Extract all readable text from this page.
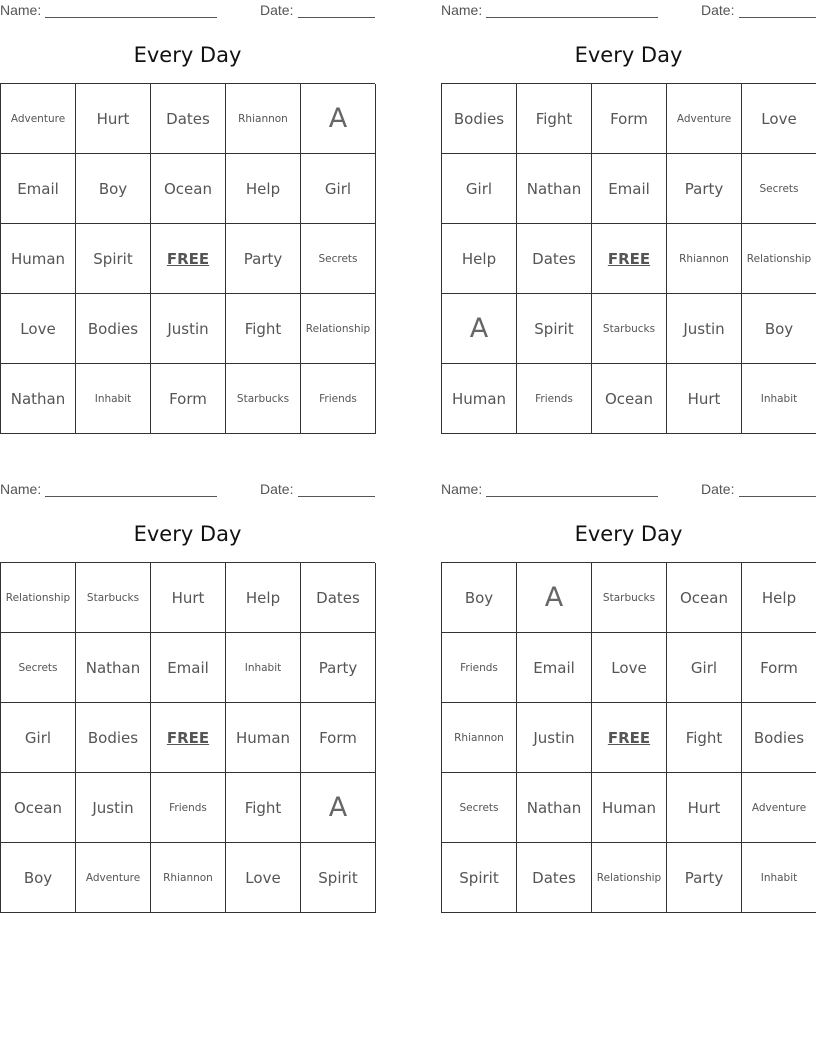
Name:	Date:
Every Day
Adventure	Hurt	Dates	Rhiannon	A
Email	Boy	Ocean	Help	Girl
Human	Spirit	FREE	Party	Secrets
Love	Bodies	Justin	Fight	Relationship
Nathan	Inhabit	Form	Starbucks	Friends
Name:	Date:
Every Day
Bodies	Fight	Form	Adventure	Love
Girl	Nathan	Email	Party	Secrets
Help	Dates	FREE	Rhiannon	Relationship
A	Spirit	Starbucks	Justin	Boy
Human	Friends	Ocean	Hurt	Inhabit
Name:	Date:
Every Day
Relationship	Starbucks	Hurt	Help	Dates
Secrets	Nathan	Email	Inhabit	Party
Girl	Bodies	FREE	Human	Form
Ocean	Justin	Friends	Fight	A
Boy	Adventure	Rhiannon	Love	Spirit
Name:	Date:
Every Day
Boy	A	Starbucks	Ocean	Help
Friends	Email	Love	Girl	Form
Rhiannon	Justin	FREE	Fight	Bodies
Secrets	Nathan	Human	Hurt	Adventure
Spirit	Dates	Relationship	Party	Inhabit
